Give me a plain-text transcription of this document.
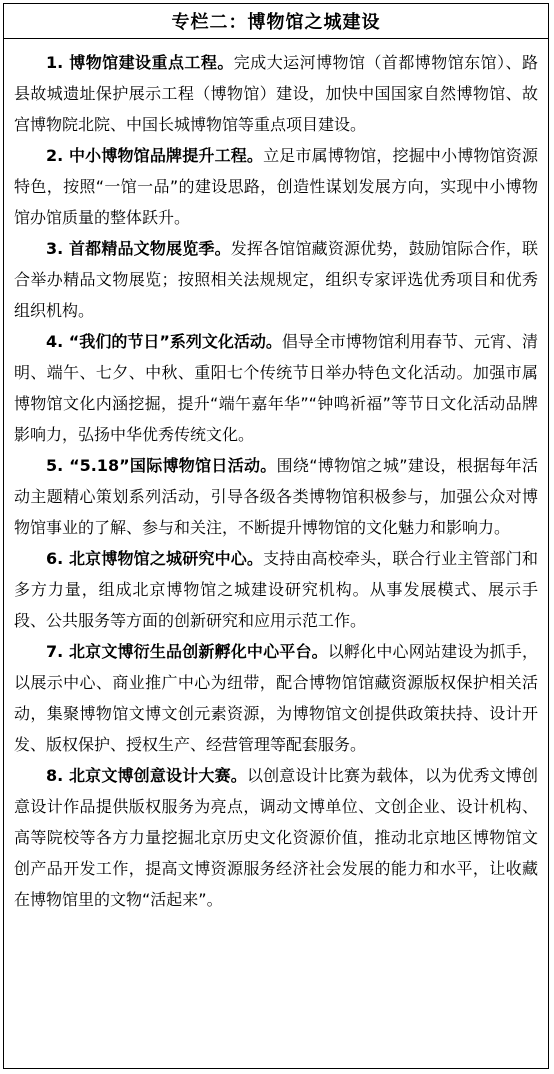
专栏二：博物馆之城建设

1. 博物馆建设重点工程。完成大运河博物馆（首都博物馆东馆）、路县故城遗址保护展示工程（博物馆）建设，加快中国国家自然博物馆、故宫博物院北院、中国长城博物馆等重点项目建设。

2. 中小博物馆品牌提升工程。立足市属博物馆，挖掘中小博物馆资源特色，按照“一馆一品”的建设思路，创造性谋划发展方向，实现中小博物馆办馆质量的整体跃升。

3. 首都精品文物展览季。发挥各馆馆藏资源优势，鼓励馆际合作，联合举办精品文物展览；按照相关法规规定，组织专家评选优秀项目和优秀组织机构。

4. “我们的节日”系列文化活动。倡导全市博物馆利用春节、元宵、清明、端午、七夕、中秋、重阳七个传统节日举办特色文化活动。加强市属博物馆文化内涵挖掘，提升“端午嘉年华”“钟鸣祈福”等节日文化活动品牌影响力，弘扬中华优秀传统文化。

5. “5.18”国际博物馆日活动。围绕“博物馆之城”建设，根据每年活动主题精心策划系列活动，引导各级各类博物馆积极参与，加强公众对博物馆事业的了解、参与和关注，不断提升博物馆的文化魅力和影响力。

6. 北京博物馆之城研究中心。支持由高校牵头，联合行业主管部门和多方力量，组成北京博物馆之城建设研究机构。从事发展模式、展示手段、公共服务等方面的创新研究和应用示范工作。

7. 北京文博衍生品创新孵化中心平台。以孵化中心网站建设为抓手，以展示中心、商业推广中心为纽带，配合博物馆馆藏资源版权保护相关活动，集聚博物馆文博文创元素资源，为博物馆文创提供政策扶持、设计开发、版权保护、授权生产、经营管理等配套服务。

8. 北京文博创意设计大赛。以创意设计比赛为载体，以为优秀文博创意设计作品提供版权服务为亮点，调动文博单位、文创企业、设计机构、高等院校等各方力量挖掘北京历史文化资源价值，推动北京地区博物馆文创产品开发工作，提高文博资源服务经济社会发展的能力和水平，让收藏在博物馆里的文物“活起来”。
